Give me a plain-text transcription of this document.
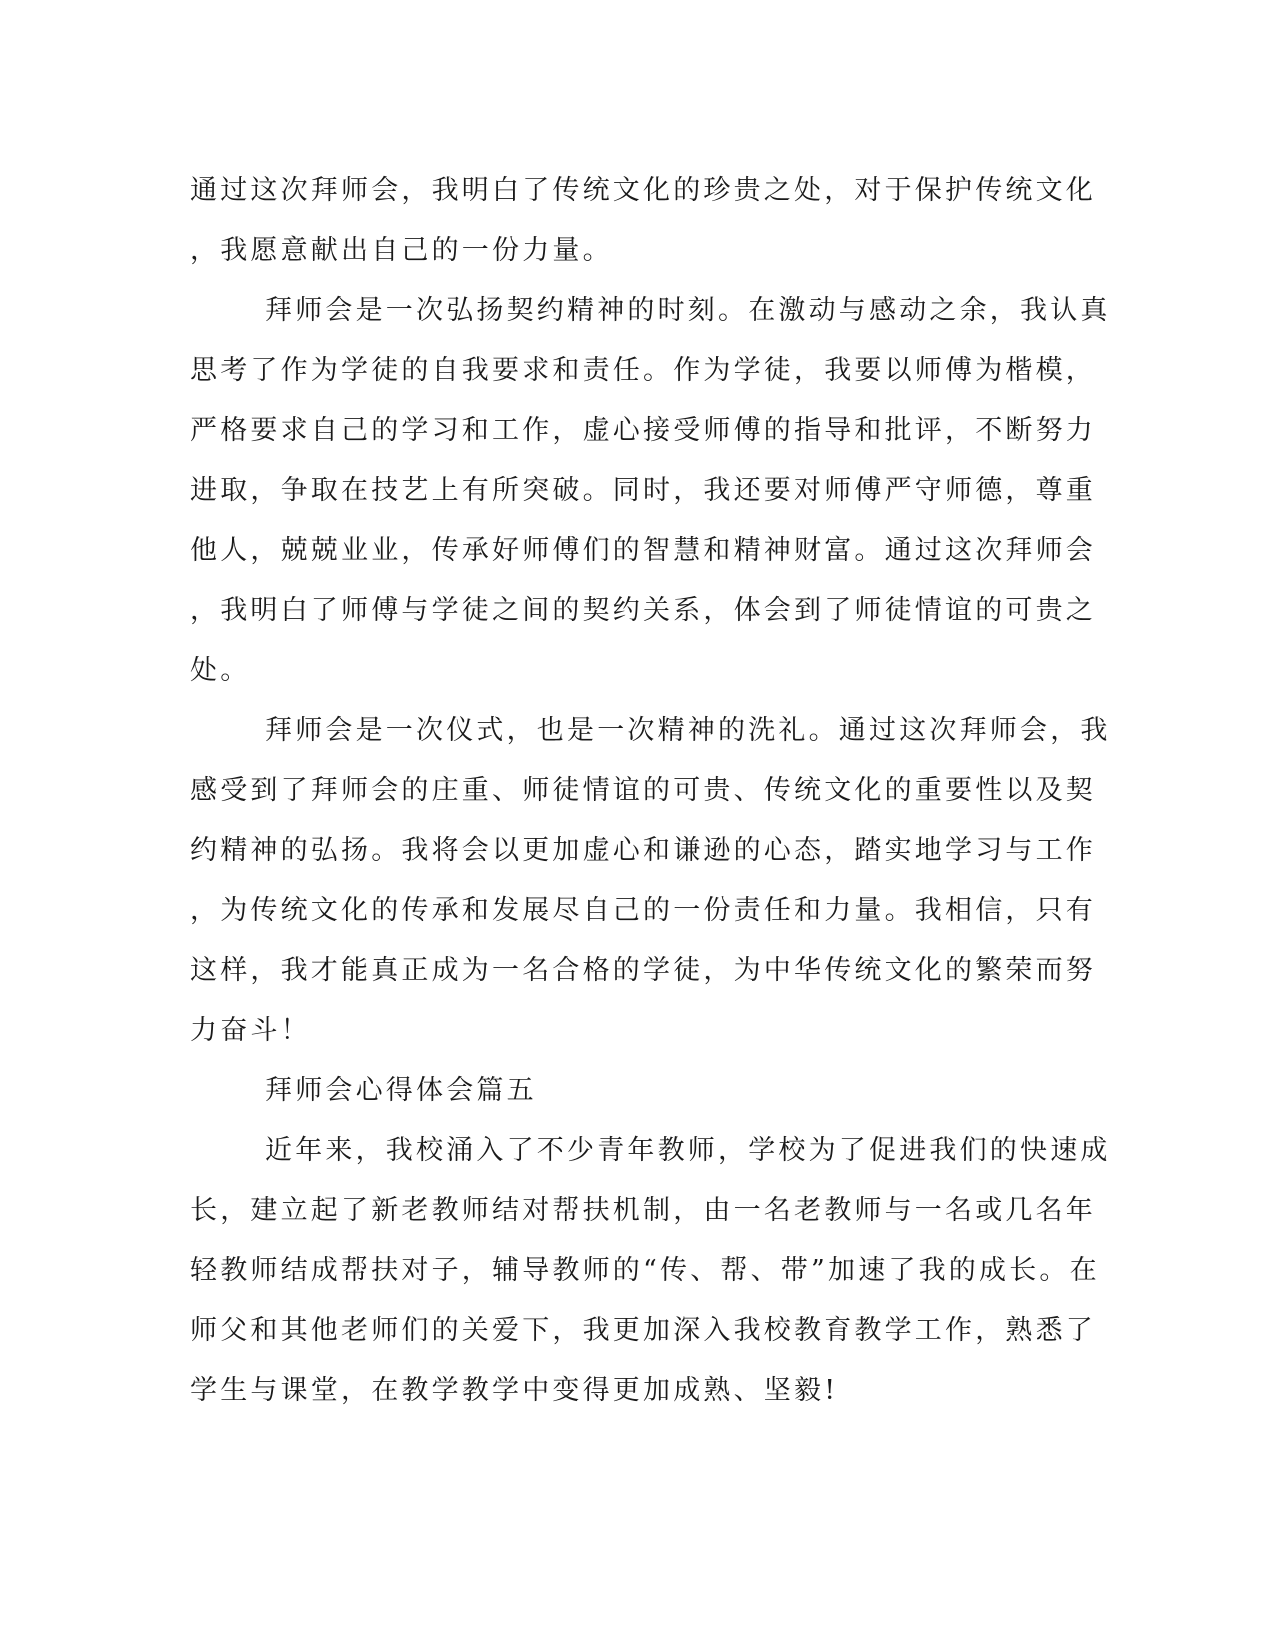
通过这次拜师会，我明白了传统文化的珍贵之处，对于保护传统文化
，我愿意献出自己的一份力量。
拜师会是一次弘扬契约精神的时刻。在激动与感动之余，我认真
思考了作为学徒的自我要求和责任。作为学徒，我要以师傅为楷模，
严格要求自己的学习和工作，虚心接受师傅的指导和批评，不断努力
进取，争取在技艺上有所突破。同时，我还要对师傅严守师德，尊重
他人，兢兢业业，传承好师傅们的智慧和精神财富。通过这次拜师会
，我明白了师傅与学徒之间的契约关系，体会到了师徒情谊的可贵之
处。
拜师会是一次仪式，也是一次精神的洗礼。通过这次拜师会，我
感受到了拜师会的庄重、师徒情谊的可贵、传统文化的重要性以及契
约精神的弘扬。我将会以更加虚心和谦逊的心态，踏实地学习与工作
，为传统文化的传承和发展尽自己的一份责任和力量。我相信，只有
这样，我才能真正成为一名合格的学徒，为中华传统文化的繁荣而努
力奋斗！
拜师会心得体会篇五
近年来，我校涌入了不少青年教师，学校为了促进我们的快速成
长，建立起了新老教师结对帮扶机制，由一名老教师与一名或几名年
轻教师结成帮扶对子，辅导教师的“传、帮、带”加速了我的成长。在
师父和其他老师们的关爱下，我更加深入我校教育教学工作，熟悉了
学生与课堂，在教学教学中变得更加成熟、坚毅!
